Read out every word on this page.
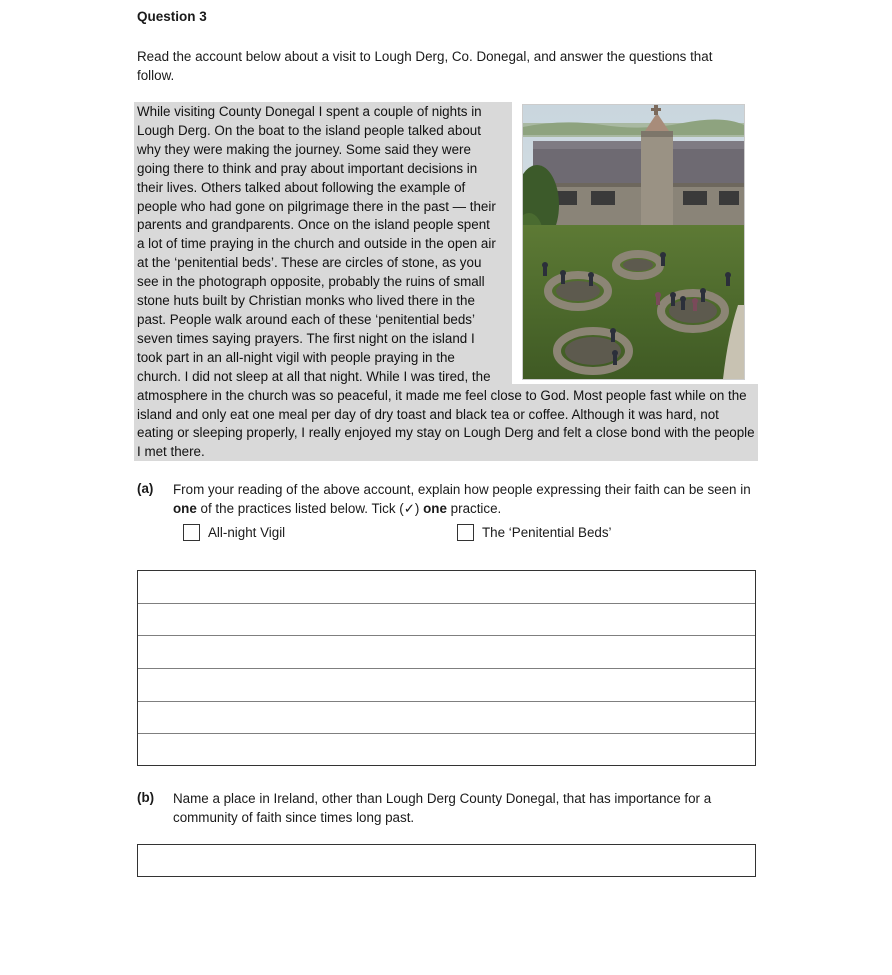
Question 3
Read the account below about a visit to Lough Derg, Co. Donegal, and answer the questions that follow.
While visiting County Donegal I spent a couple of nights in Lough Derg. On the boat to the island people talked about why they were making the journey. Some said they were going there to think and pray about important decisions in their lives. Others talked about following the example of people who had gone on pilgrimage there in the past — their parents and grandparents. Once on the island people spent a lot of time praying in the church and outside in the open air at the ‘penitential beds’. These are circles of stone, as you see in the photograph opposite, probably the ruins of small stone huts built by Christian monks who lived there in the past. People walk around each of these ‘penitential beds’ seven times saying prayers. The first night on the island I took part in an all-night vigil with people praying in the church. I did not sleep at all that night. While I was tired, the atmosphere in the church was so peaceful, it made me feel close to God. Most people fast while on the island and only eat one meal per day of dry toast and black tea or coffee. Although it was hard, not eating or sleeping properly, I really enjoyed my stay on Lough Derg and felt a close bond with the people I met there.
(a) From your reading of the above account, explain how people expressing their faith can be seen in one of the practices listed below. Tick (✓) one practice.
All-night Vigil	The ‘Penitential Beds’
(b) Name a place in Ireland, other than Lough Derg County Donegal, that has importance for a community of faith since times long past.
